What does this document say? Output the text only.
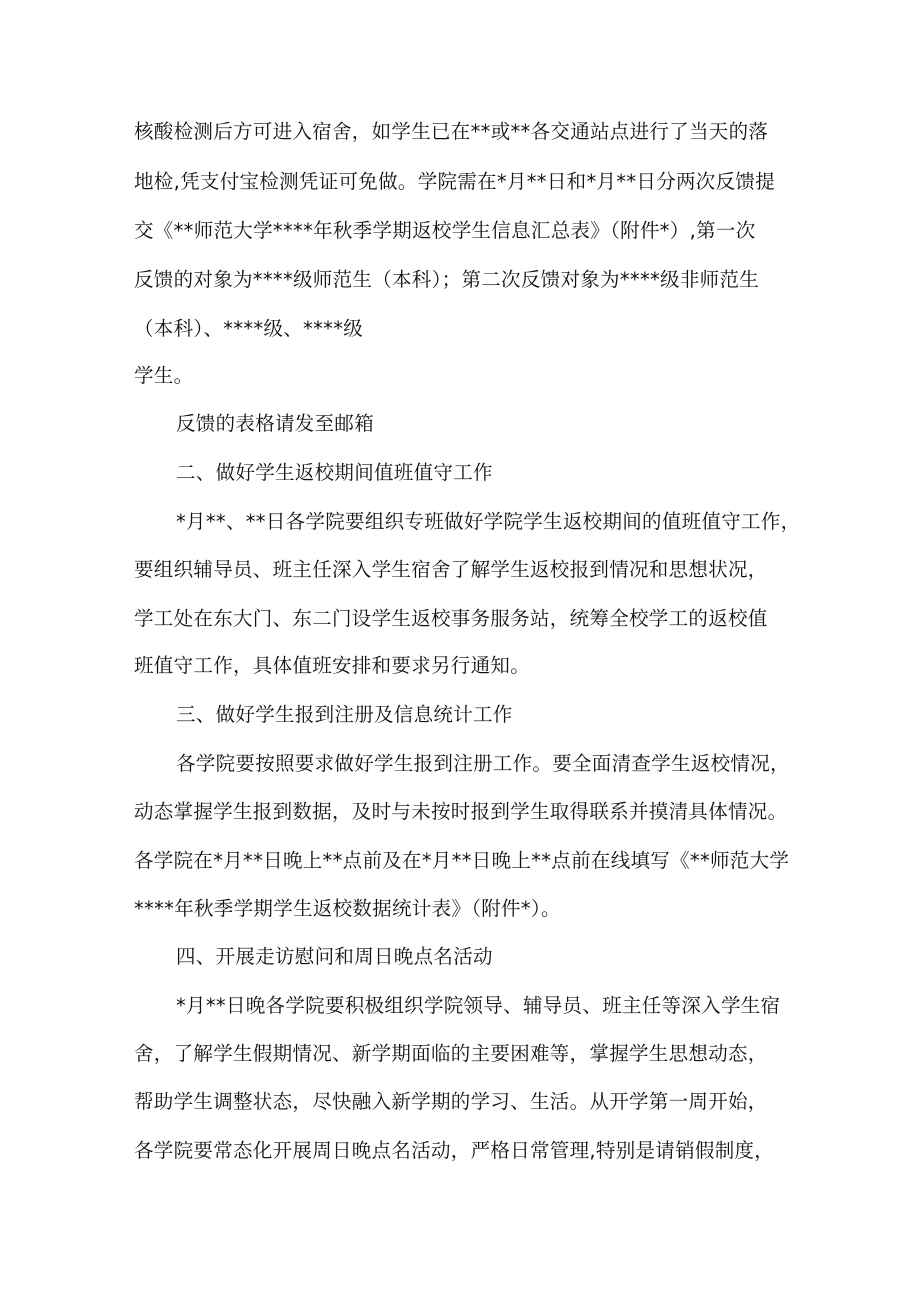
核酸检测后方可进入宿舍，如学生已在**或**各交通站点进行了当天的落
地检,凭支付宝检测凭证可免做。学院需在*月**日和*月**日分两次反馈提
交《**师范大学****年秋季学期返校学生信息汇总表》（附件*）,第一次
反馈的对象为****级师范生（本科）；第二次反馈对象为****级非师范生
（本科）、****级、****级
学生。
反馈的表格请发至邮箱
二、做好学生返校期间值班值守工作
*月**、**日各学院要组织专班做好学院学生返校期间的值班值守工作，
要组织辅导员、班主任深入学生宿舍了解学生返校报到情况和思想状况，
学工处在东大门、东二门设学生返校事务服务站，统筹全校学工的返校值
班值守工作，具体值班安排和要求另行通知。
三、做好学生报到注册及信息统计工作
各学院要按照要求做好学生报到注册工作。要全面清查学生返校情况，
动态掌握学生报到数据，及时与未按时报到学生取得联系并摸清具体情况。
各学院在*月**日晚上**点前及在*月**日晚上**点前在线填写《**师范大学
****年秋季学期学生返校数据统计表》（附件*）。
四、开展走访慰问和周日晚点名活动
*月**日晚各学院要积极组织学院领导、辅导员、班主任等深入学生宿
舍，了解学生假期情况、新学期面临的主要困难等，掌握学生思想动态，
帮助学生调整状态，尽快融入新学期的学习、生活。从开学第一周开始，
各学院要常态化开展周日晚点名活动，严格日常管理,特别是请销假制度，
